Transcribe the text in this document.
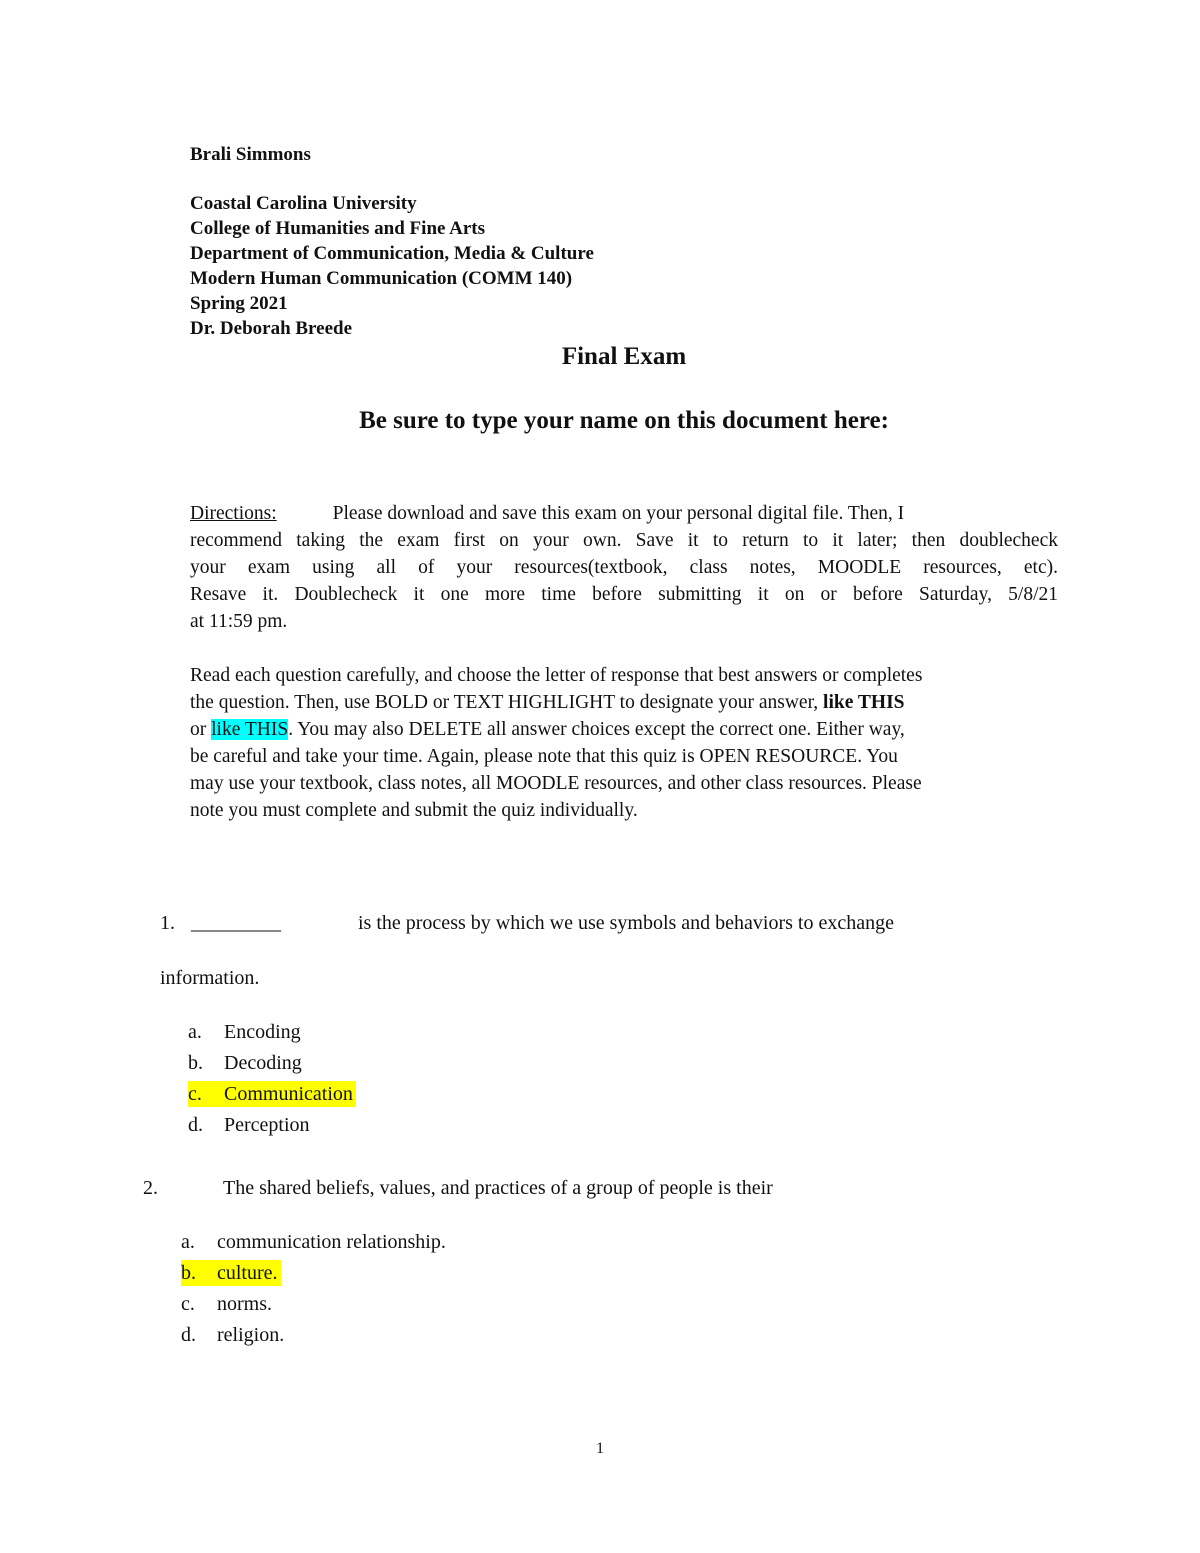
Brali Simmons
Coastal Carolina University
College of Humanities and Fine Arts
Department of Communication, Media & Culture
Modern Human Communication (COMM 140)
Spring 2021
Dr. Deborah Breede
Final Exam
Be sure to type your name on this document here:
Directions:	Please download and save this exam on your personal digital file. Then, I
recommend taking the exam first on your own. Save it to return to it later; then doublecheck
your exam using all of your resources(textbook, class notes, MOODLE resources, etc).
Resave it. Doublecheck it one more time before submitting it on or before Saturday, 5/8/21
at 11:59 pm.
Read each question carefully, and choose the letter of response that best answers or completes
the question. Then, use BOLD or TEXT HIGHLIGHT to designate your answer, like THIS
or like THIS. You may also DELETE all answer choices except the correct one. Either way,
be careful and take your time. Again, please note that this quiz is OPEN RESOURCE. You
may use your textbook, class notes, all MOODLE resources, and other class resources. Please
note you must complete and submit the quiz individually.
1. _________	is the process by which we use symbols and behaviors to exchange
information.
a. Encoding
b. Decoding
c. Communication
d. Perception
2.	The shared beliefs, values, and practices of a group of people is their
a. communication relationship.
b. culture.
c. norms.
d. religion.
1
